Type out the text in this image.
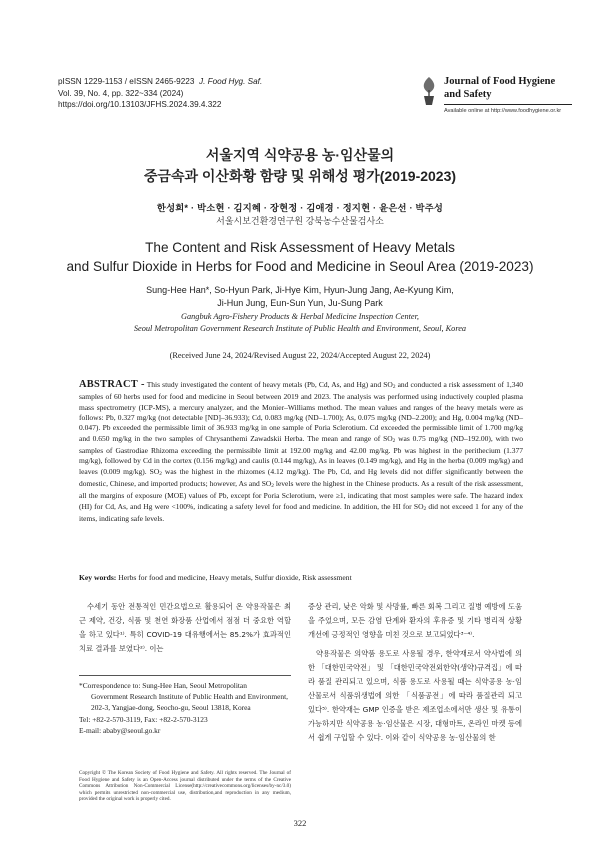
pISSN 1229-1153 / eISSN 2465-9223 J. Food Hyg. Saf.
Vol. 39, No. 4, pp. 322~334 (2024)
https://doi.org/10.13103/JFHS.2024.39.4.322
Journal of Food Hygiene
and Safety
Available online at http://www.foodhygiene.or.kr
서울지역 식약공용 농·임산물의
중금속과 이산화황 함량 및 위해성 평가(2019-2023)
한성희* · 박소현 · 김지혜 · 장현정 · 김애경 · 정지현 · 윤은선 · 박주성
서울시보건환경연구원 강북농수산물검사소
The Content and Risk Assessment of Heavy Metals
and Sulfur Dioxide in Herbs for Food and Medicine in Seoul Area (2019-2023)
Sung-Hee Han*, So-Hyun Park, Ji-Hye Kim, Hyun-Jung Jang, Ae-Kyung Kim,
Ji-Hun Jung, Eun-Sun Yun, Ju-Sung Park
Gangbuk Agro-Fishery Products & Herbal Medicine Inspection Center,
Seoul Metropolitan Government Research Institute of Public Health and Environment, Seoul, Korea
(Received June 24, 2024/Revised August 22, 2024/Accepted August 22, 2024)
ABSTRACT - This study investigated the content of heavy metals (Pb, Cd, As, and Hg) and $SO_2$ and conducted a risk assessment of 1,340 samples of 60 herbs used for food and medicine in Seoul between 2019 and 2023. The analysis was performed using inductively coupled plasma mass spectrometry (ICP-MS), a mercury analyzer, and the Monier–Williams method. The mean values and ranges of the heavy metals were as follows: Pb, 0.327 mg/kg (not detectable [ND]–36.933); Cd, 0.083 mg/kg (ND–1.700); As, 0.075 mg/kg (ND–2.200); and Hg, 0.004 mg/kg (ND–0.047). Pb exceeded the permissible limit of 36.933 mg/kg in one sample of Poria Sclerotium. Cd exceeded the permissible limit of 1.700 mg/kg and 0.650 mg/kg in the two samples of Chrysanthemi Zawadskii Herba. The mean and range of $SO_2$ was 0.75 mg/kg (ND–192.00), with two samples of Gastrodiae Rhizoma exceeding the permissible limit at 192.00 mg/kg and 42.00 mg/kg. Pb was highest in the perithecium (1.377 mg/kg), followed by Cd in the cortex (0.156 mg/kg) and caulis (0.144 mg/kg), As in leaves (0.149 mg/kg), and Hg in the herba (0.009 mg/kg) and leaves (0.009 mg/kg). $SO_2$ was the highest in the rhizomes (4.12 mg/kg). The Pb, Cd, and Hg levels did not differ significantly between the domestic, Chinese, and imported products; however, As and $SO_2$ levels were the highest in the Chinese products. As a result of the risk assessment, all the margins of exposure (MOE) values of Pb, except for Poria Sclerotium, were ≥1, indicating that most samples were safe. The hazard index (HI) for Cd, As, and Hg were <100%, indicating a safety level for food and medicine. In addition, the HI for $SO_2$ did not exceed 1 for any of the items, indicating safe levels.
Key words: Herbs for food and medicine, Heavy metals, Sulfur dioxide, Risk assessment

수세기 동안 전통적인 민간요법으로 활용되어 온 약용작물은 최근 제약, 건강, 식품 및 천연 화장품 산업에서 점점 더 중요한 역할을 하고 있다¹⁾. 특히 COVID-19 대유행에서는 85.2%가 효과적인 치료 결과를 보였다²⁾. 이는

증상 관리, 낮은 악화 및 사망률, 빠른 회복 그리고 질병 예방에 도움을 주었으며, 모든 감염 단계와 환자의 후유증 및 기타 병리적 상황 개선에 긍정적인 영향을 미친 것으로 보고되었다³⁻⁴⁾.

약용작물은 의약품 용도로 사용될 경우, 한약재로서 약사법에 의한 「대한민국약전」 및 「대한민국약전외한약(생약)규격집」에 따라 품질 관리되고 있으며, 식품 용도로 사용될 때는 식약공용 농·임산물로서 식품위생법에 의한 「식품공전」에 따라 품질관리 되고 있다⁵⁾. 한약재는 GMP 인증을 받은 제조업소에서만 생산 및 유통이 가능하지만 식약공용 농·임산물은 시장, 대형마트, 온라인 마켓 등에서 쉽게 구입할 수 있다. 이와 같이 식약공용 농·임산물의 한

*Correspondence to: Sung-Hee Han, Seoul Metropolitan
Government Research Institute of Public Health and Environment,
202-3, Yangjae-dong, Seocho-gu, Seoul 13818, Korea
Tel: +82-2-570-3119, Fax: +82-2-570-3123
E-mail: ababy@seoul.go.kr
Copyright © The Korean Society of Food Hygiene and Safety. All rights reserved. The Journal of Food Hygiene and Safety is an Open-Access journal distributed under the terms of the Creative Commons Attribution Non-Commercial License(http://creativecommons.org/licenses/by-nc/3.0) which permits unrestricted non-commercial use, distribution,and reproduction in any medium, provided the original work is properly cited.
322
